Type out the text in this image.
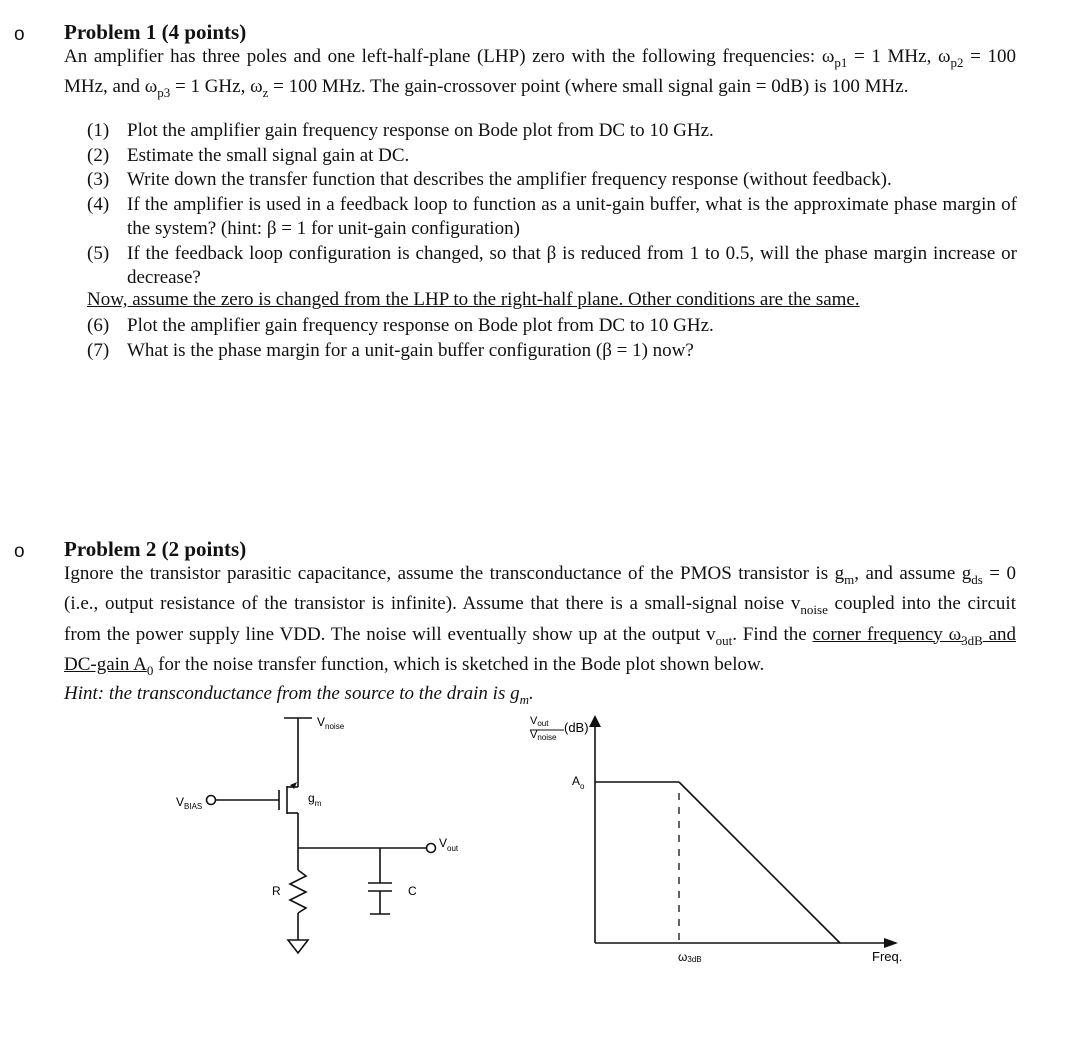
o Problem 1 (4 points)
An amplifier has three poles and one left-half-plane (LHP) zero with the following frequencies: $\omega_{p1} = 1$ MHz, $\omega_{p2} = 100$ MHz, and $\omega_{p3} = 1$ GHz, $\omega_z = 100$ MHz. The gain-crossover point (where small signal gain = 0dB) is 100 MHz.
(1) Plot the amplifier gain frequency response on Bode plot from DC to 10 GHz.
(2) Estimate the small signal gain at DC.
(3) Write down the transfer function that describes the amplifier frequency response (without feedback).
(4) If the amplifier is used in a feedback loop to function as a unit-gain buffer, what is the approximate phase margin of the system? (hint: β = 1 for unit-gain configuration)
(5) If the feedback loop configuration is changed, so that β is reduced from 1 to 0.5, will the phase margin increase or decrease?
Now, assume the zero is changed from the LHP to the right-half plane. Other conditions are the same.
(6) Plot the amplifier gain frequency response on Bode plot from DC to 10 GHz.
(7) What is the phase margin for a unit-gain buffer configuration (β = 1) now?
o Problem 2 (2 points)
Ignore the transistor parasitic capacitance, assume the transconductance of the PMOS transistor is $g_m$, and assume $g_{ds} = 0$ (i.e., output resistance of the transistor is infinite). Assume that there is a small-signal noise $v_{noise}$ coupled into the circuit from the power supply line VDD. The noise will eventually show up at the output $v_{out}$. Find the corner frequency $\omega_{3dB}$ and DC-gain $A_0$ for the noise transfer function, which is sketched in the Bode plot shown below.
Hint: the transconductance from the source to the drain is $g_m$.
$V_{noise}$
$V_{BIAS}$
$g_m$
$V_{out}$
R	C
Vout
Vnoise
(dB)
$A_o$
ω3dB	Freq.
